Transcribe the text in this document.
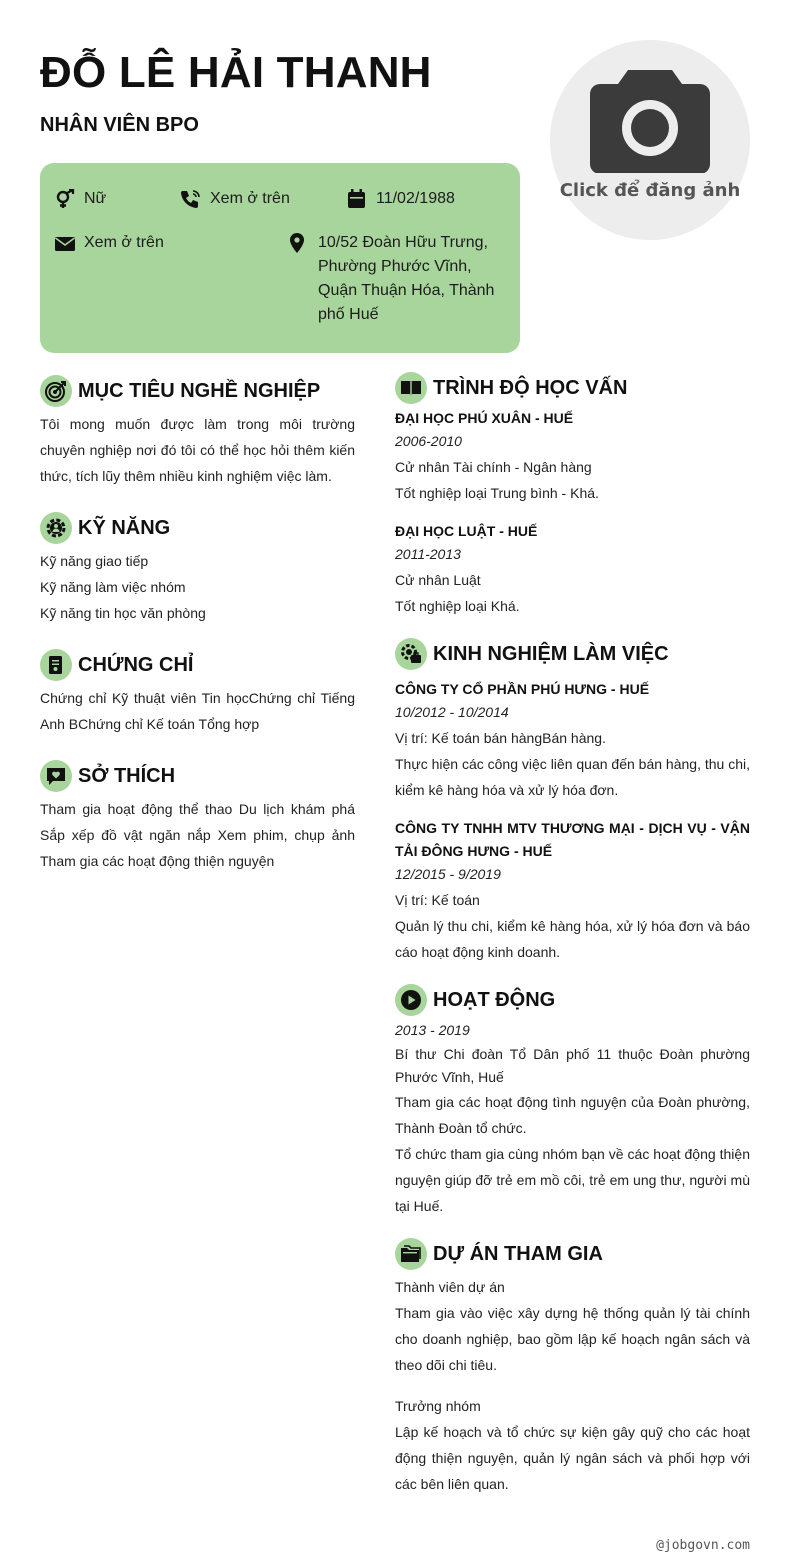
ĐỖ LÊ HẢI THANH
NHÂN VIÊN BPO
Click để đăng ảnh
Nữ	Xem ở trên	11/02/1988
Xem ở trên	10/52 Đoàn Hữu Trưng, Phường Phước Vĩnh, Quận Thuận Hóa, Thành phố Huế
MỤC TIÊU NGHỀ NGHIỆP
Tôi mong muốn được làm trong môi trường chuyên nghiệp nơi đó tôi có thể học hỏi thêm kiến thức, tích lũy thêm nhiều kinh nghiệm việc làm.
KỸ NĂNG
Kỹ năng giao tiếp
Kỹ năng làm việc nhóm
Kỹ năng tin học văn phòng
CHỨNG CHỈ
Chứng chỉ Kỹ thuật viên Tin họcChứng chỉ Tiếng Anh BChứng chỉ Kế toán Tổng hợp
SỞ THÍCH
Tham gia hoạt động thể thao Du lịch khám phá Sắp xếp đồ vật ngăn nắp Xem phim, chụp ảnh Tham gia các hoạt động thiện nguyện
TRÌNH ĐỘ HỌC VẤN
ĐẠI HỌC PHÚ XUÂN - HUẾ
2006-2010
Cử nhân Tài chính - Ngân hàng
Tốt nghiệp loại Trung bình - Khá.
ĐẠI HỌC LUẬT - HUẾ
2011-2013
Cử nhân Luật
Tốt nghiệp loại Khá.
KINH NGHIỆM LÀM VIỆC
CÔNG TY CỔ PHẦN PHÚ HƯNG - HUẾ
10/2012 - 10/2014
Vị trí: Kế toán bán hàngBán hàng.
Thực hiện các công việc liên quan đến bán hàng, thu chi, kiểm kê hàng hóa và xử lý hóa đơn.
CÔNG TY TNHH MTV THƯƠNG MẠI - DỊCH VỤ - VẬN TẢI ĐÔNG HƯNG - HUẾ
12/2015 - 9/2019
Vị trí: Kế toán
Quản lý thu chi, kiểm kê hàng hóa, xử lý hóa đơn và báo cáo hoạt động kinh doanh.
HOẠT ĐỘNG
2013 - 2019
Bí thư Chi đoàn Tổ Dân phố 11 thuộc Đoàn phường Phước Vĩnh, Huế
Tham gia các hoạt động tình nguyện của Đoàn phường, Thành Đoàn tổ chức.
Tổ chức tham gia cùng nhóm bạn về các hoạt động thiện nguyện giúp đỡ trẻ em mồ côi, trẻ em ung thư, người mù tại Huế.
DỰ ÁN THAM GIA
Thành viên dự án
Tham gia vào việc xây dựng hệ thống quản lý tài chính cho doanh nghiệp, bao gồm lập kế hoạch ngân sách và theo dõi chi tiêu.
Trưởng nhóm
Lập kế hoạch và tổ chức sự kiện gây quỹ cho các hoạt động thiện nguyện, quản lý ngân sách và phối hợp với các bên liên quan.
@jobgovn.com
